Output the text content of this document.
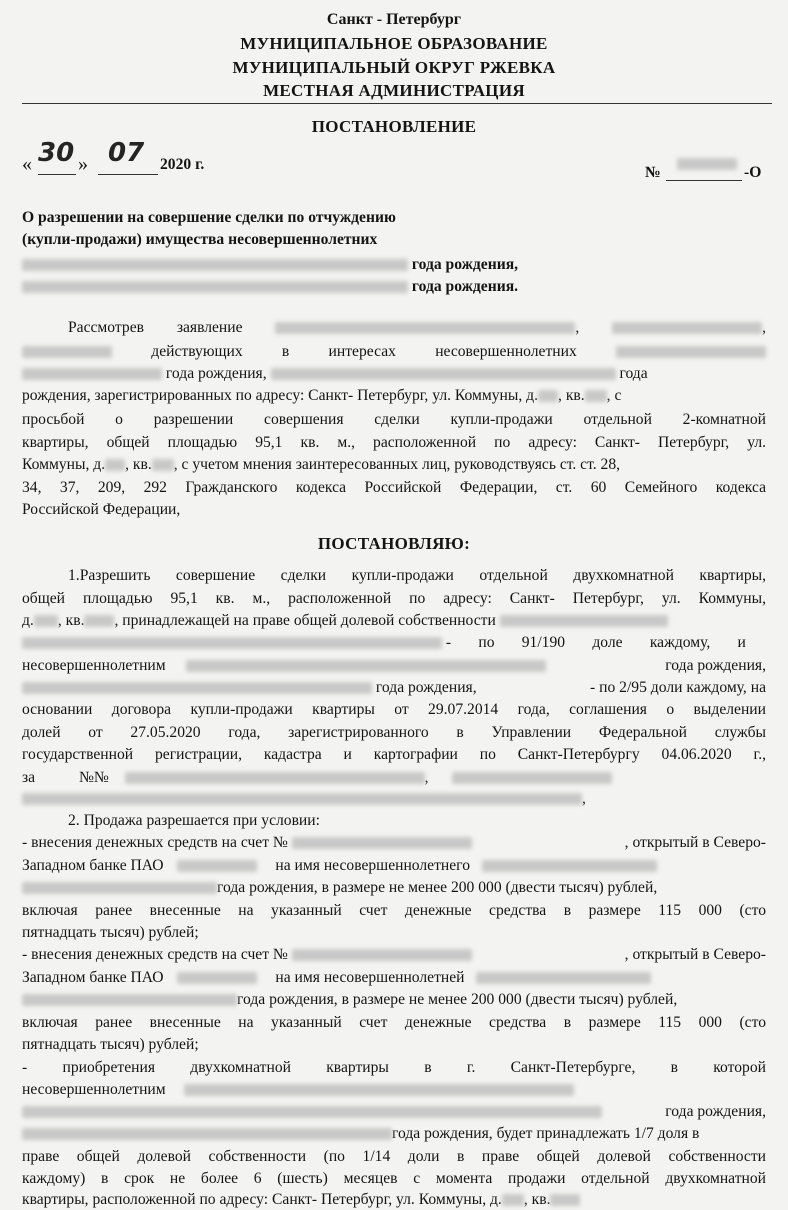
Санкт - Петербург
МУНИЦИПАЛЬНОЕ ОБРАЗОВАНИЕ
МУНИЦИПАЛЬНЫЙ ОКРУГ РЖЕВКА
МЕСТНАЯ АДМИНИСТРАЦИЯ
ПОСТАНОВЛЕНИЕ
« 30 » 07 2020 г.	№	-О
О разрешении на совершение сделки по отчуждению
(купли-продажи) имущества несовершеннолетних
года рождения,
года рождения.
Рассмотрев заявление	,	,
действующих	в	интересах	несовершеннолетних
года рождения,	года
рождения, зарегистрированных по адресу: Санкт- Петербург, ул. Коммуны, д. , кв. , с
просьбой о разрешении совершения сделки купли-продажи отдельной 2-комнатной
квартиры, общей площадью 95,1 кв. м., расположенной по адресу: Санкт- Петербург, ул.
Коммуны, д. , кв. , с учетом мнения заинтересованных лиц, руководствуясь ст. ст. 28,
34, 37, 209, 292 Гражданского кодекса Российской Федерации, ст. 60 Семейного кодекса
Российской Федерации,
ПОСТАНОВЛЯЮ:
1.Разрешить совершение сделки купли-продажи отдельной двухкомнатной квартиры,
общей площадью 95,1 кв. м., расположенной по адресу: Санкт- Петербург, ул. Коммуны,
д. , кв. , принадлежащей на праве общей долевой собственности
- по 91/190 доле каждому, и
несовершеннолетним	года рождения,
года рождения,	- по 2/95 доли каждому, на
основании договора купли-продажи квартиры от 29.07.2014 года, соглашения о выделении
долей от 27.05.2020 года, зарегистрированного в Управлении Федеральной службы
государственной регистрации, кадастра и картографии по Санкт-Петербургу 04.06.2020 г.,
за	№№	,
,
2. Продажа разрешается при условии:
- внесения денежных средств на счет №	, открытый в Северо-
Западном банке ПАО	на имя несовершеннолетнего
года рождения, в размере не менее 200 000 (двести тысяч) рублей,
включая ранее внесенные на указанный счет денежные средства в размере 115 000 (сто
пятнадцать тысяч) рублей;
- внесения денежных средств на счет №	, открытый в Северо-
Западном банке ПАО	на имя несовершеннолетней
года рождения, в размере не менее 200 000 (двести тысяч) рублей,
включая ранее внесенные на указанный счет денежные средства в размере 115 000 (сто
пятнадцать тысяч) рублей;
- приобретения двухкомнатной квартиры в г. Санкт-Петербурге, в которой
несовершеннолетним
года рождения,
года рождения, будет принадлежать 1/7 доля в
праве общей долевой собственности (по 1/14 доли в праве общей долевой собственности
каждому) в срок не более 6 (шесть) месяцев с момента продажи отдельной двухкомнатной
квартиры, расположенной по адресу: Санкт- Петербург, ул. Коммуны, д. , кв.
